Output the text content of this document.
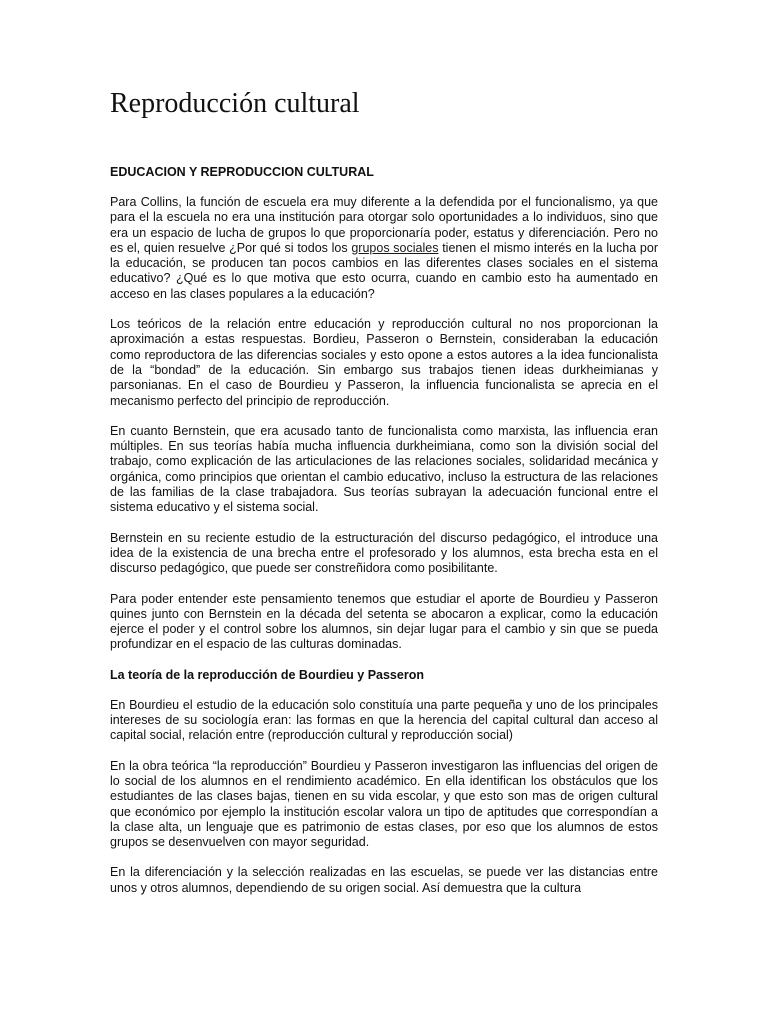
Reproducción cultural
EDUCACION Y REPRODUCCION CULTURAL

Para Collins, la función de escuela era muy diferente a la defendida por el funcionalismo, ya que para el la escuela no era una institución para otorgar solo oportunidades a lo individuos, sino que era un espacio de lucha de grupos lo que proporcionaría poder, estatus y diferenciación. Pero no es el, quien resuelve ¿Por qué si todos los grupos sociales tienen el mismo interés en la lucha por la educación, se producen tan pocos cambios en las diferentes clases sociales en el sistema educativo? ¿Qué es lo que motiva que esto ocurra, cuando en cambio esto ha aumentado en acceso en las clases populares a la educación?

Los teóricos de la relación entre educación y reproducción cultural no nos proporcionan la aproximación a estas respuestas. Bordieu, Passeron o Bernstein, consideraban la educación como reproductora de las diferencias sociales y esto opone a estos autores a la idea funcionalista de la “bondad” de la educación. Sin embargo sus trabajos tienen ideas durkheimianas y parsonianas. En el caso de Bourdieu y Passeron, la influencia funcionalista se aprecia en el mecanismo perfecto del principio de reproducción.

En cuanto Bernstein, que era acusado tanto de funcionalista como marxista, las influencia eran múltiples. En sus teorías había mucha influencia durkheimiana, como son la división social del trabajo, como explicación de las articulaciones de las relaciones sociales, solidaridad mecánica y orgánica, como principios que orientan el cambio educativo, incluso la estructura de las relaciones de las familias de la clase trabajadora. Sus teorías subrayan la adecuación funcional entre el sistema educativo y el sistema social.

Bernstein en su reciente estudio de la estructuración del discurso pedagógico, el introduce una idea de la existencia de una brecha entre el profesorado y los alumnos, esta brecha esta en el discurso pedagógico, que puede ser constreñidora como posibilitante.

Para poder entender este pensamiento tenemos que estudiar el aporte de Bourdieu y Passeron quines junto con Bernstein en la década del setenta se abocaron a explicar, como la educación ejerce el poder y el control sobre los alumnos, sin dejar lugar para el cambio y sin que se pueda profundizar en el espacio de las culturas dominadas.

La teoría de la reproducción de Bourdieu y Passeron

En Bourdieu el estudio de la educación solo constituía una parte pequeña y uno de los principales intereses de su sociología eran: las formas en que la herencia del capital cultural dan acceso al capital social, relación entre (reproducción cultural y reproducción social)

En la obra teórica “la reproducción” Bourdieu y Passeron investigaron las influencias del origen de lo social de los alumnos en el rendimiento académico. En ella identifican los obstáculos que los estudiantes de las clases bajas, tienen en su vida escolar, y que esto son mas de origen cultural que económico por ejemplo la institución escolar valora un tipo de aptitudes que correspondían a la clase alta, un lenguaje que es patrimonio de estas clases, por eso que los alumnos de estos grupos se desenvuelven con mayor seguridad.

En la diferenciación y la selección realizadas en las escuelas, se puede ver las distancias entre unos y otros alumnos, dependiendo de su origen social. Así demuestra que la cultura
